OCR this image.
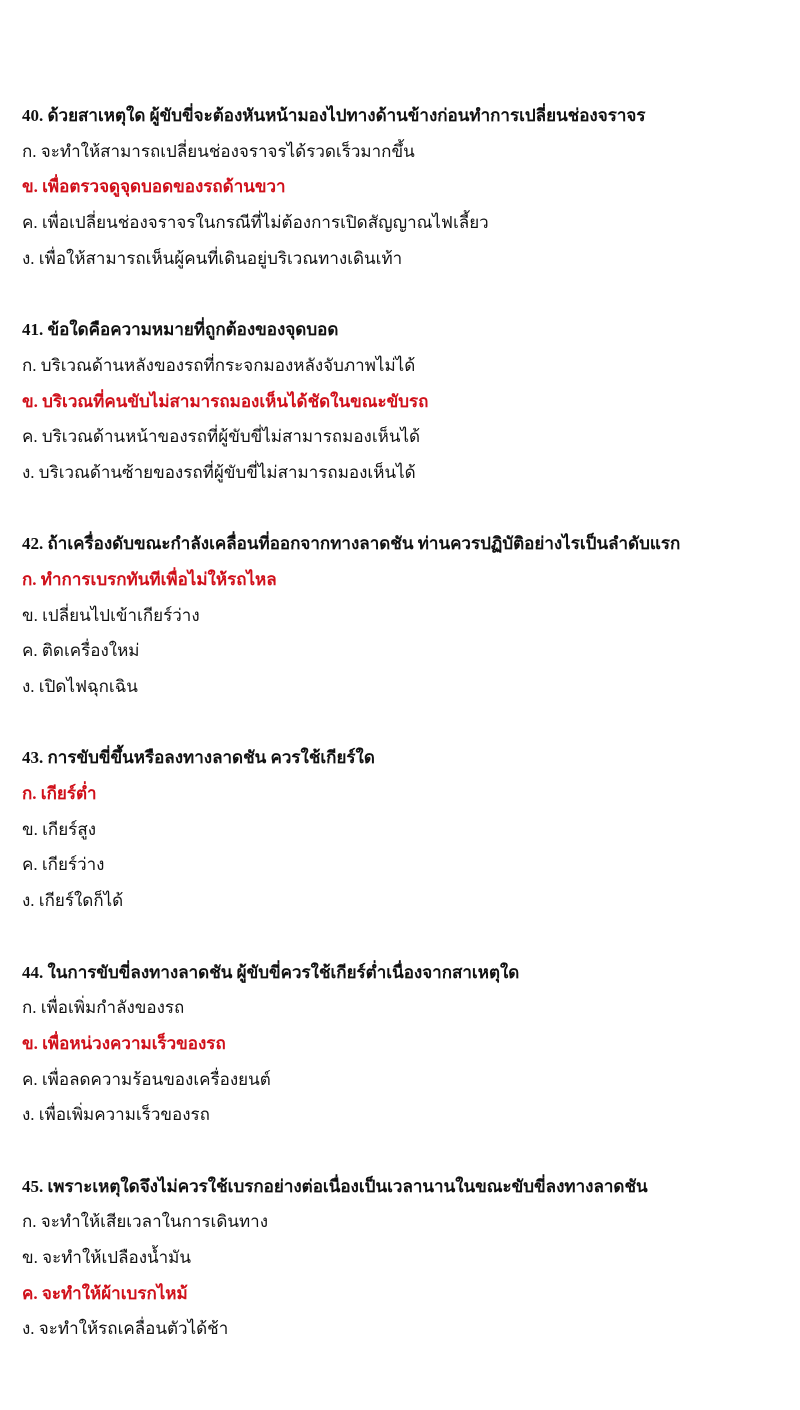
40. ด้วยสาเหตุใด ผู้ขับขี่จะต้องหันหน้ามองไปทางด้านข้างก่อนทำการเปลี่ยนช่องจราจร
ก. จะทำให้สามารถเปลี่ยนช่องจราจรได้รวดเร็วมากขึ้น
ข. เพื่อตรวจดูจุดบอดของรถด้านขวา
ค. เพื่อเปลี่ยนช่องจราจรในกรณีที่ไม่ต้องการเปิดสัญญาณไฟเลี้ยว
ง. เพื่อให้สามารถเห็นผู้คนที่เดินอยู่บริเวณทางเดินเท้า
41. ข้อใดคือความหมายที่ถูกต้องของจุดบอด
ก. บริเวณด้านหลังของรถที่กระจกมองหลังจับภาพไม่ได้
ข. บริเวณที่คนขับไม่สามารถมองเห็นได้ชัดในขณะขับรถ
ค. บริเวณด้านหน้าของรถที่ผู้ขับขี่ไม่สามารถมองเห็นได้
ง. บริเวณด้านซ้ายของรถที่ผู้ขับขี่ไม่สามารถมองเห็นได้
42. ถ้าเครื่องดับขณะกำลังเคลื่อนที่ออกจากทางลาดชัน ท่านควรปฏิบัติอย่างไรเป็นลำดับแรก
ก. ทำการเบรกทันทีเพื่อไม่ให้รถไหล
ข. เปลี่ยนไปเข้าเกียร์ว่าง
ค. ติดเครื่องใหม่
ง. เปิดไฟฉุกเฉิน
43. การขับขี่ขึ้นหรือลงทางลาดชัน ควรใช้เกียร์ใด
ก. เกียร์ต่ำ
ข. เกียร์สูง
ค. เกียร์ว่าง
ง. เกียร์ใดก็ได้
44. ในการขับขี่ลงทางลาดชัน ผู้ขับขี่ควรใช้เกียร์ต่ำเนื่องจากสาเหตุใด
ก. เพื่อเพิ่มกำลังของรถ
ข. เพื่อหน่วงความเร็วของรถ
ค. เพื่อลดความร้อนของเครื่องยนต์
ง. เพื่อเพิ่มความเร็วของรถ
45. เพราะเหตุใดจึงไม่ควรใช้เบรกอย่างต่อเนื่องเป็นเวลานานในขณะขับขี่ลงทางลาดชัน
ก. จะทำให้เสียเวลาในการเดินทาง
ข. จะทำให้เปลืองน้ำมัน
ค. จะทำให้ผ้าเบรกไหม้
ง. จะทำให้รถเคลื่อนตัวได้ช้า
